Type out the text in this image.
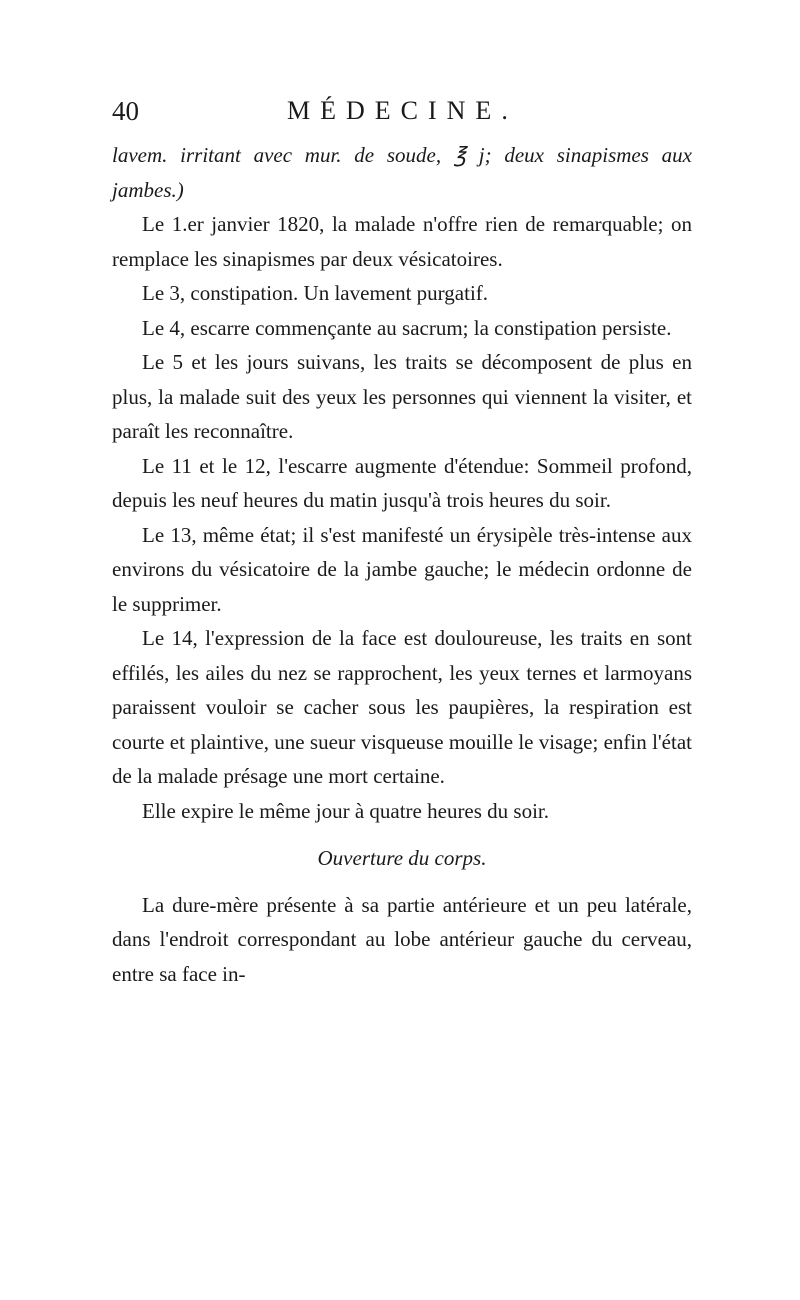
40	MÉDECINE.

lavem. irritant avec mur. de soude, ℥ j; deux sinapismes aux jambes.)

Le 1.er janvier 1820, la malade n'offre rien de remarquable; on remplace les sinapismes par deux vésicatoires.

Le 3, constipation. Un lavement purgatif.

Le 4, escarre commençante au sacrum; la constipation persiste.

Le 5 et les jours suivans, les traits se décomposent de plus en plus, la malade suit des yeux les personnes qui viennent la visiter, et paraît les reconnaître.

Le 11 et le 12, l'escarre augmente d'étendue: Sommeil profond, depuis les neuf heures du matin jusqu'à trois heures du soir.

Le 13, même état; il s'est manifesté un érysipèle très-intense aux environs du vésicatoire de la jambe gauche; le médecin ordonne de le supprimer.

Le 14, l'expression de la face est douloureuse, les traits en sont effilés, les ailes du nez se rapprochent, les yeux ternes et larmoyans paraissent vouloir se cacher sous les paupières, la respiration est courte et plaintive, une sueur visqueuse mouille le visage; enfin l'état de la malade présage une mort certaine.

Elle expire le même jour à quatre heures du soir.

Ouverture du corps.

La dure-mère présente à sa partie antérieure et un peu latérale, dans l'endroit correspondant au lobe antérieur gauche du cerveau, entre sa face in-
